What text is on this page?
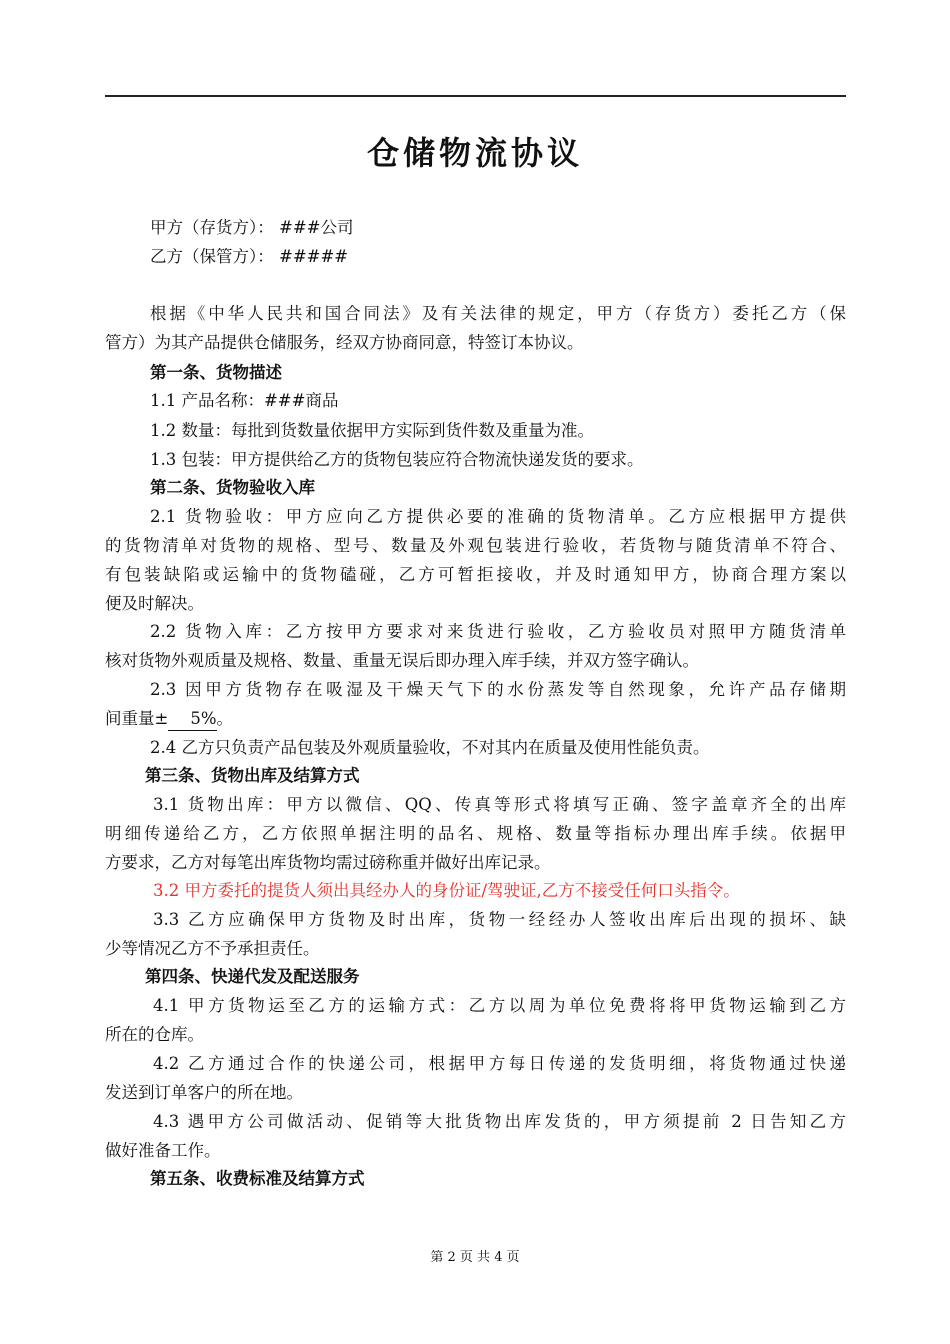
仓储物流协议
甲方（存货方）： ###公司
乙方（保管方）： #####
根据《中华人民共和国合同法》及有关法律的规定，甲方（存货方）委托乙方（保
管方）为其产品提供仓储服务，经双方协商同意，特签订本协议。
第一条、货物描述
1.1 产品名称：###商品
1.2 数量：每批到货数量依据甲方实际到货件数及重量为准。
1.3 包装：甲方提供给乙方的货物包装应符合物流快递发货的要求。
第二条、货物验收入库
2.1 货物验收：甲方应向乙方提供必要的准确的货物清单。乙方应根据甲方提供
的货物清单对货物的规格、型号、数量及外观包装进行验收，若货物与随货清单不符合、
有包装缺陷或运输中的货物磕碰，乙方可暂拒接收，并及时通知甲方，协商合理方案以
便及时解决。
2.2 货物入库：乙方按甲方要求对来货进行验收，乙方验收员对照甲方随货清单
核对货物外观质量及规格、数量、重量无误后即办理入库手续，并双方签字确认。
2.3 因甲方货物存在吸湿及干燥天气下的水份蒸发等自然现象，允许产品存储期
间重量± 5%。
2.4 乙方只负责产品包装及外观质量验收，不对其内在质量及使用性能负责。
第三条、货物出库及结算方式
3.1 货物出库：甲方以微信、QQ、传真等形式将填写正确、签字盖章齐全的出库
明细传递给乙方，乙方依照单据注明的品名、规格、数量等指标办理出库手续。依据甲
方要求，乙方对每笔出库货物均需过磅称重并做好出库记录。
3.2 甲方委托的提货人须出具经办人的身份证/驾驶证,乙方不接受任何口头指令。
3.3 乙方应确保甲方货物及时出库，货物一经经办人签收出库后出现的损坏、缺
少等情况乙方不予承担责任。
第四条、快递代发及配送服务
4.1 甲方货物运至乙方的运输方式：乙方以周为单位免费将将甲货物运输到乙方
所在的仓库。
4.2 乙方通过合作的快递公司，根据甲方每日传递的发货明细，将货物通过快递
发送到订单客户的所在地。
4.3 遇甲方公司做活动、促销等大批货物出库发货的，甲方须提前 2 日告知乙方
做好准备工作。
第五条、收费标准及结算方式
第 2 页 共 4 页
